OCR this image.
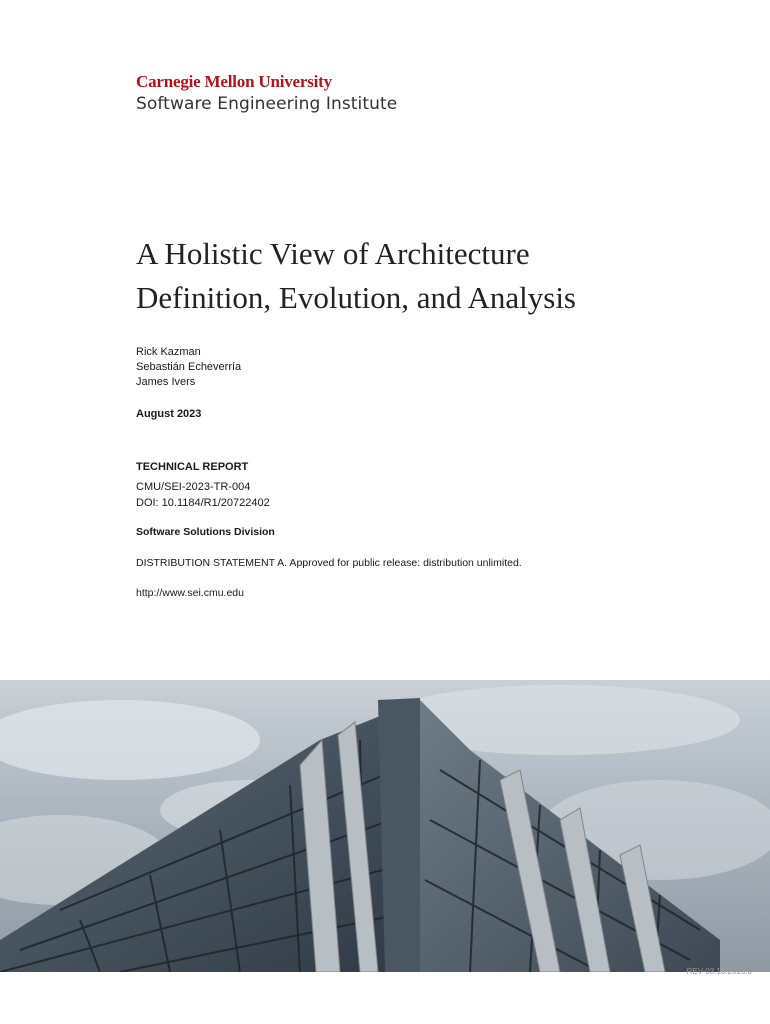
Carnegie Mellon University
Software Engineering Institute
A Holistic View of Architecture
Definition, Evolution, and Analysis
Rick Kazman
Sebastián Echeverría
James Ivers
August 2023
TECHNICAL REPORT
CMU/SEI-2023-TR-004
DOI: 10.1184/R1/20722402
Software Solutions Division
DISTRIBUTION STATEMENT A. Approved for public release: distribution unlimited.
http://www.sei.cmu.edu
REV-03.18.2016.0
